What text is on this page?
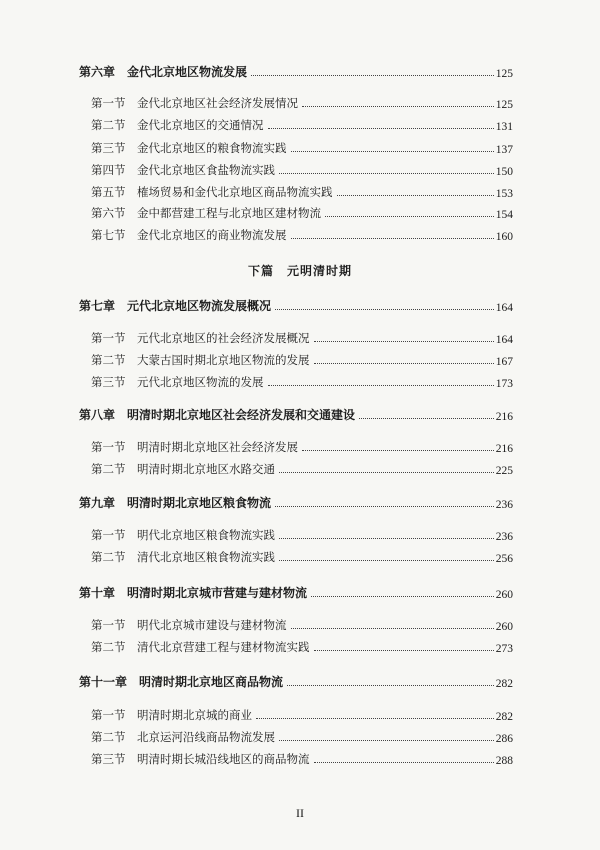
第六章　金代北京地区物流发展	125
第一节　金代北京地区社会经济发展情况	125
第二节　金代北京地区的交通情况	131
第三节　金代北京地区的粮食物流实践	137
第四节　金代北京地区食盐物流实践	150
第五节　榷场贸易和金代北京地区商品物流实践	153
第六节　金中都营建工程与北京地区建材物流	154
第七节　金代北京地区的商业物流发展	160
下篇　元明清时期
第七章　元代北京地区物流发展概况	164
第一节　元代北京地区的社会经济发展概况	164
第二节　大蒙古国时期北京地区物流的发展	167
第三节　元代北京地区物流的发展	173
第八章　明清时期北京地区社会经济发展和交通建设	216
第一节　明清时期北京地区社会经济发展	216
第二节　明清时期北京地区水路交通	225
第九章　明清时期北京地区粮食物流	236
第一节　明代北京地区粮食物流实践	236
第二节　清代北京地区粮食物流实践	256
第十章　明清时期北京城市营建与建材物流	260
第一节　明代北京城市建设与建材物流	260
第二节　清代北京营建工程与建材物流实践	273
第十一章　明清时期北京地区商品物流	282
第一节　明清时期北京城的商业	282
第二节　北京运河沿线商品物流发展	286
第三节　明清时期长城沿线地区的商品物流	288
II
